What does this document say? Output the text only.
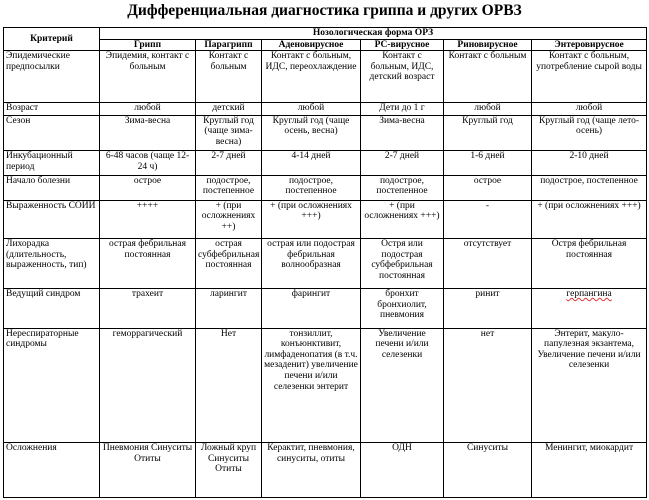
Дифференциальная диагностика гриппа и других ОРВЗ
Критерий	Нозологическая форма ОРЗ					
	Грипп	Парагрипп	Аденовирусное	РС-вирусное	Риновирусное	Энтеровирусное
Эпидемические предпосылки	Эпидемия, контакт с больным	Контакт с больным	Контакт с больным, ИДС, переохлаждение	Контакт с больным, ИДС, детский возраст	Контакт с больным	Контакт с больным, употребление сырой воды
Возраст	любой	детский	любой	Дети до 1 г	любой	любой
Сезон	Зима-весна	Круглый год (чаще зима-весна)	Круглый год (чаще осень, весна)	Зима-весна	Круглый год	Круглый год (чаще лето-осень)
Инкубационный период	6-48 часов (чаще 12-24 ч)	2-7 дней	4-14 дней	2-7 дней	1-6 дней	2-10 дней
Начало болезни	острое	подострое, постепенное	подострое, постепенное	подострое, постепенное	острое	подострое, постепенное
Выраженность СОИИ	++++	+ (при осложнениях ++)	+ (при осложнениях +++)	+ (при осложнениях +++)	-	+ (при осложнениях +++)
Лихорадка (длительность, выраженность, тип)	острая фебрильная постоянная	острая субфебрильная постоянная	острая или подострая фебрильная волнообразная	Остря или подострая субфебрильная постоянная	отсутствует	Остря фебрильная постоянная
Ведущий синдром	трахеит	ларингит	фарингит	бронхит бронхиолит, пневмония	ринит	герпангина
Нереспираторные синдромы	геморрагический	Нет	тонзиллит, конъюнктивит, лимфаденопатия (в т.ч. мезаденит) увеличение печени и/или селезенки энтерит	Увеличение печени и/или селезенки	нет	Энтерит, макуло-папулезная экзантема, Увеличение печени и/или селезенки
Осложнения	Пневмония Синуситы Отиты	Ложный круп Синуситы Отиты	Керактит, пневмония, синуситы, отиты	ОДН	Синуситы	Менингит, миокардит
